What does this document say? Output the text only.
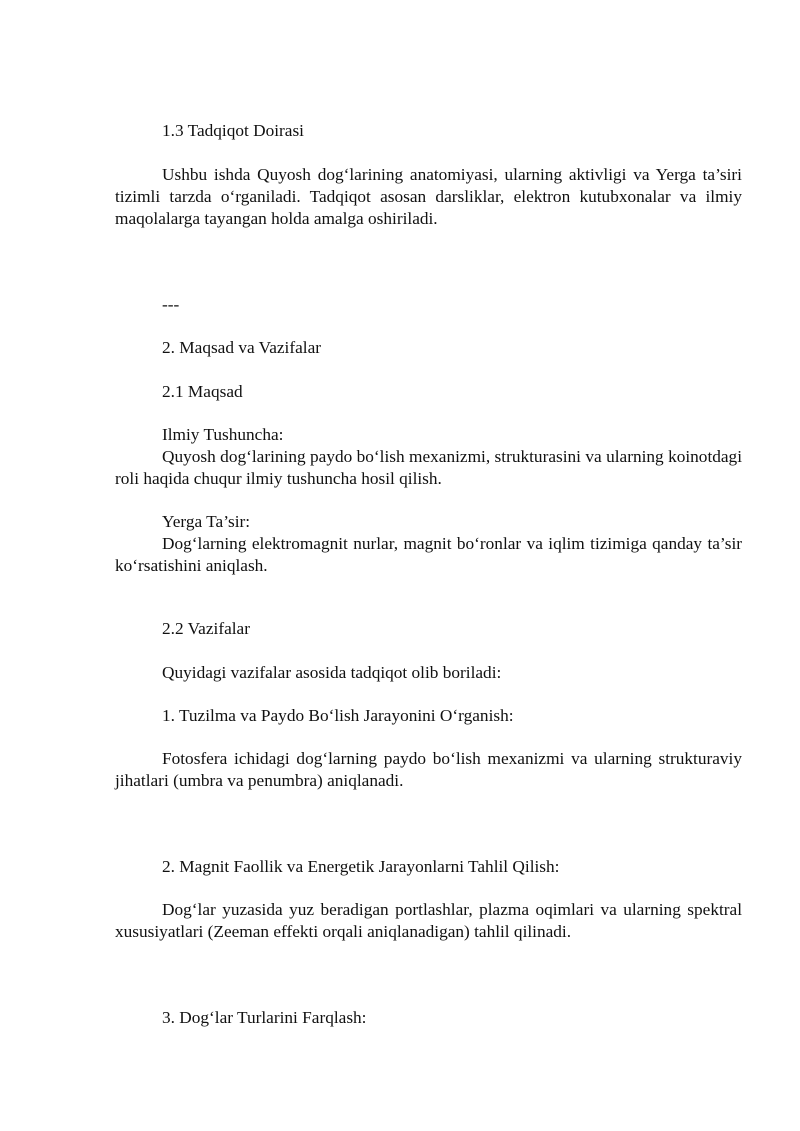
1.3 Tadqiqot Doirasi
Ushbu ishda Quyosh dog‘larining anatomiyasi, ularning aktivligi va Yerga ta’siri tizimli tarzda o‘rganiladi. Tadqiqot asosan darsliklar, elektron kutubxonalar va ilmiy maqolalarga tayangan holda amalga oshiriladi.
---
2. Maqsad va Vazifalar
2.1 Maqsad
Ilmiy Tushuncha:
Quyosh dog‘larining paydo bo‘lish mexanizmi, strukturasini va ularning koinotdagi roli haqida chuqur ilmiy tushuncha hosil qilish.
Yerga Ta’sir:
Dog‘larning elektromagnit nurlar, magnit bo‘ronlar va iqlim tizimiga qanday ta’sir ko‘rsatishini aniqlash.
2.2 Vazifalar
Quyidagi vazifalar asosida tadqiqot olib boriladi:
1. Tuzilma va Paydo Bo‘lish Jarayonini O‘rganish:
Fotosfera ichidagi dog‘larning paydo bo‘lish mexanizmi va ularning strukturaviy jihatlari (umbra va penumbra) aniqlanadi.
2. Magnit Faollik va Energetik Jarayonlarni Tahlil Qilish:
Dog‘lar yuzasida yuz beradigan portlashlar, plazma oqimlari va ularning spektral xususiyatlari (Zeeman effekti orqali aniqlanadigan) tahlil qilinadi.
3. Dog‘lar Turlarini Farqlash:
